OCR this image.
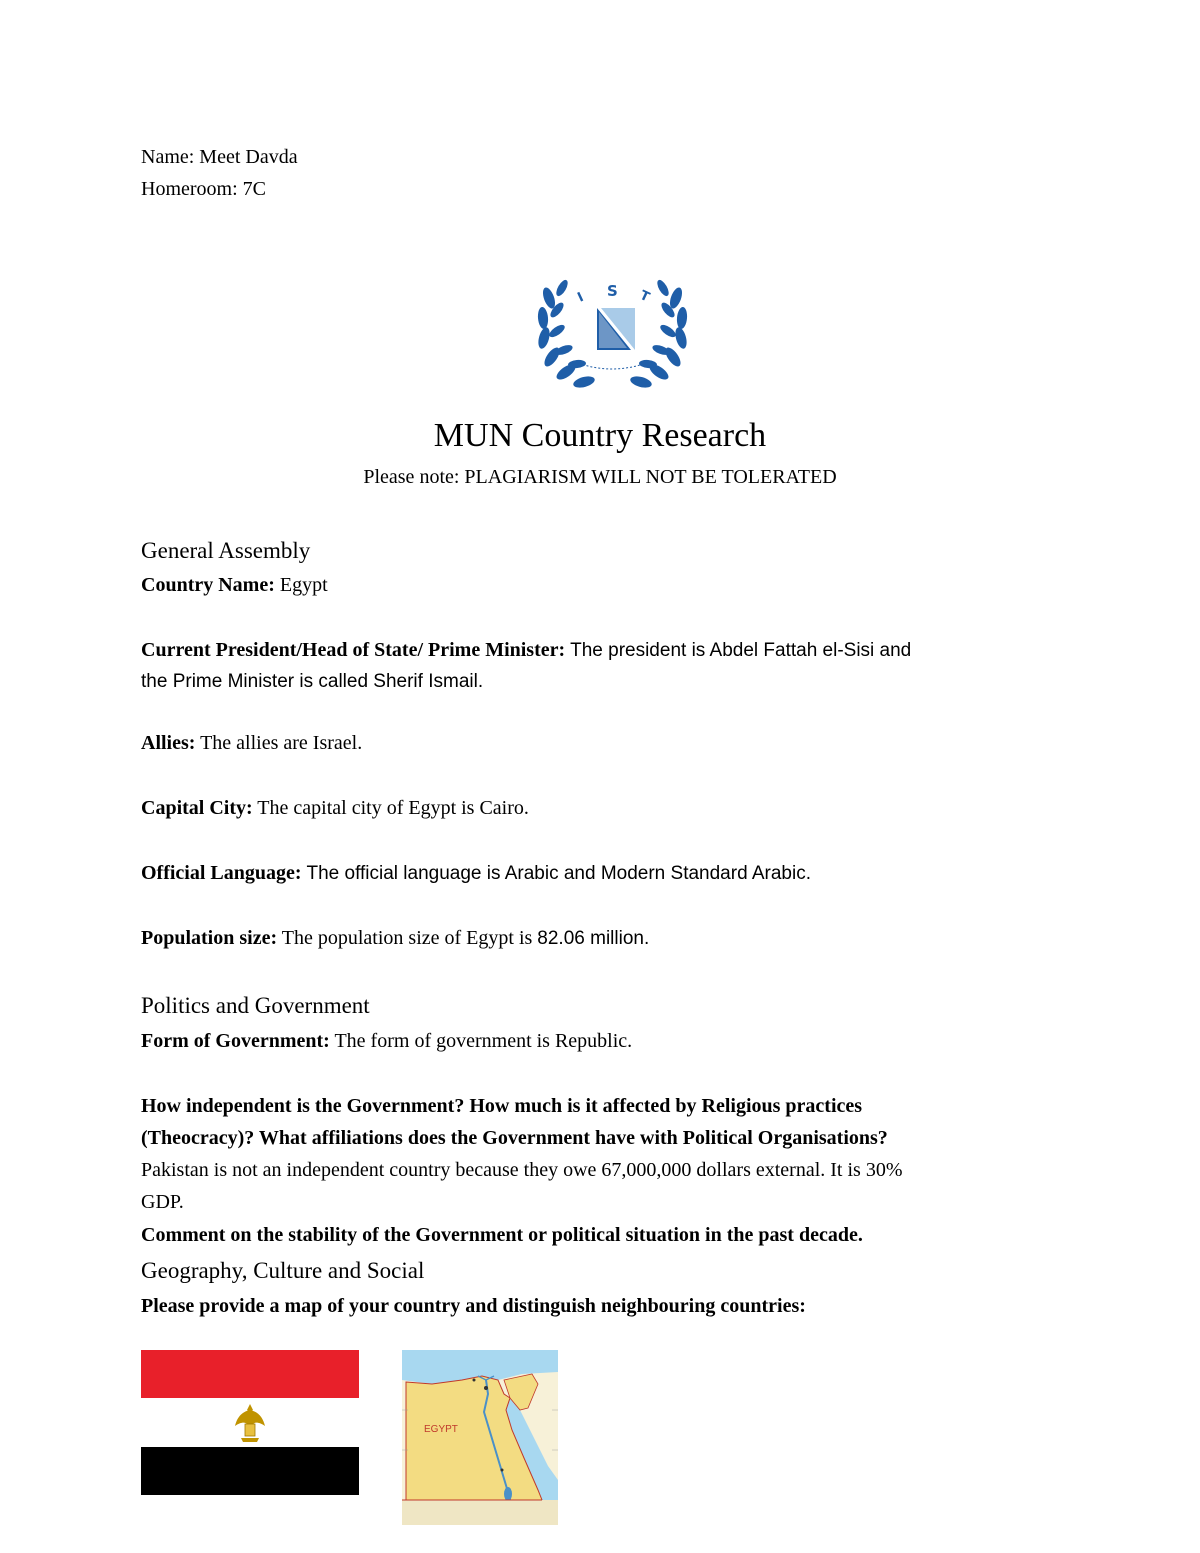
Name: Meet Davda
Homeroom: 7C
I S T
MUN Country Research
Please note: PLAGIARISM WILL NOT BE TOLERATED
General Assembly
Country Name: Egypt
Current President/Head of State/ Prime Minister: The president is Abdel Fattah el-Sisi and
the Prime Minister is called Sherif Ismail.
Allies: The allies are Israel.
Capital City: The capital city of Egypt is Cairo.
Official Language: The official language is Arabic and Modern Standard Arabic.
Population size: The population size of Egypt is 82.06 million.
Politics and Government
Form of Government: The form of government is Republic.
How independent is the Government? How much is it affected by Religious practices
(Theocracy)? What affiliations does the Government have with Political Organisations?
Pakistan is not an independent country because they owe 67,000,000 dollars external. It is 30%
GDP.
Comment on the stability of the Government or political situation in the past decade.
Geography, Culture and Social
Please provide a map of your country and distinguish neighbouring countries:
EGYPT
